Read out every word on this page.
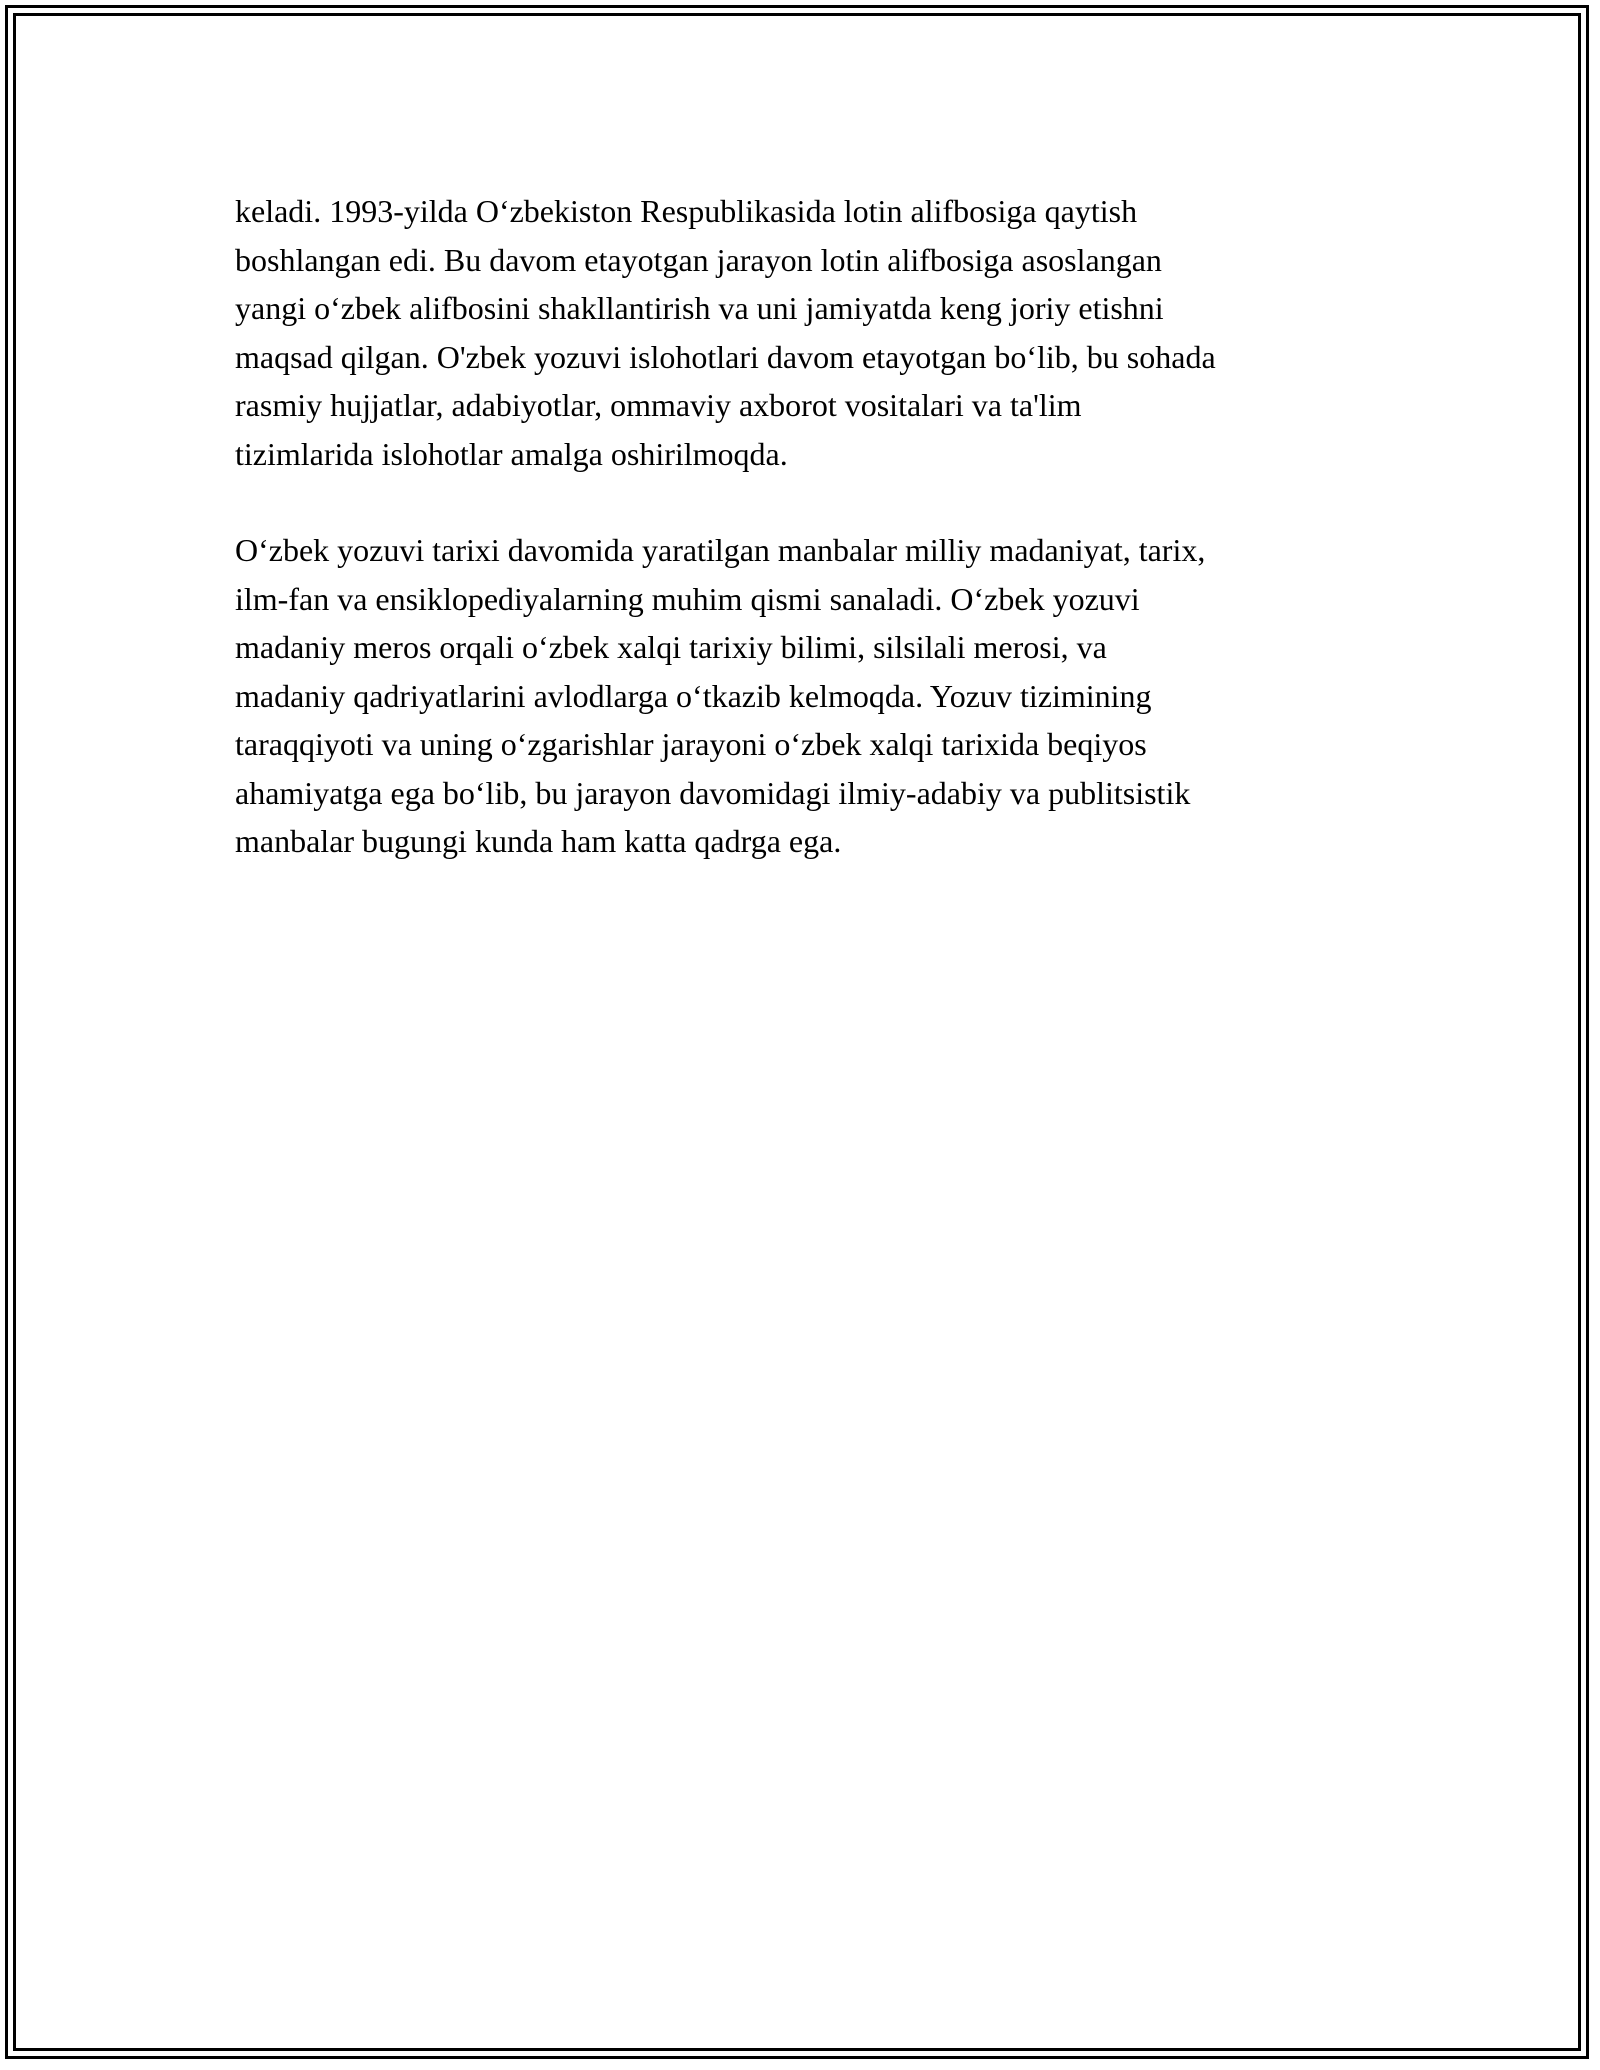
keladi. 1993-yilda Oʻzbekiston Respublikasida lotin alifbosiga qaytish
boshlangan edi. Bu davom etayotgan jarayon lotin alifbosiga asoslangan
yangi oʻzbek alifbosini shakllantirish va uni jamiyatda keng joriy etishni
maqsad qilgan. O'zbek yozuvi islohotlari davom etayotgan boʻlib, bu sohada
rasmiy hujjatlar, adabiyotlar, ommaviy axborot vositalari va ta'lim
tizimlarida islohotlar amalga oshirilmoqda.

Oʻzbek yozuvi tarixi davomida yaratilgan manbalar milliy madaniyat, tarix,
ilm-fan va ensiklopediyalarning muhim qismi sanaladi. Oʻzbek yozuvi
madaniy meros orqali oʻzbek xalqi tarixiy bilimi, silsilali merosi, va
madaniy qadriyatlarini avlodlarga oʻtkazib kelmoqda. Yozuv tizimining
taraqqiyoti va uning oʻzgarishlar jarayoni oʻzbek xalqi tarixida beqiyos
ahamiyatga ega boʻlib, bu jarayon davomidagi ilmiy-adabiy va publitsistik
manbalar bugungi kunda ham katta qadrga ega.
